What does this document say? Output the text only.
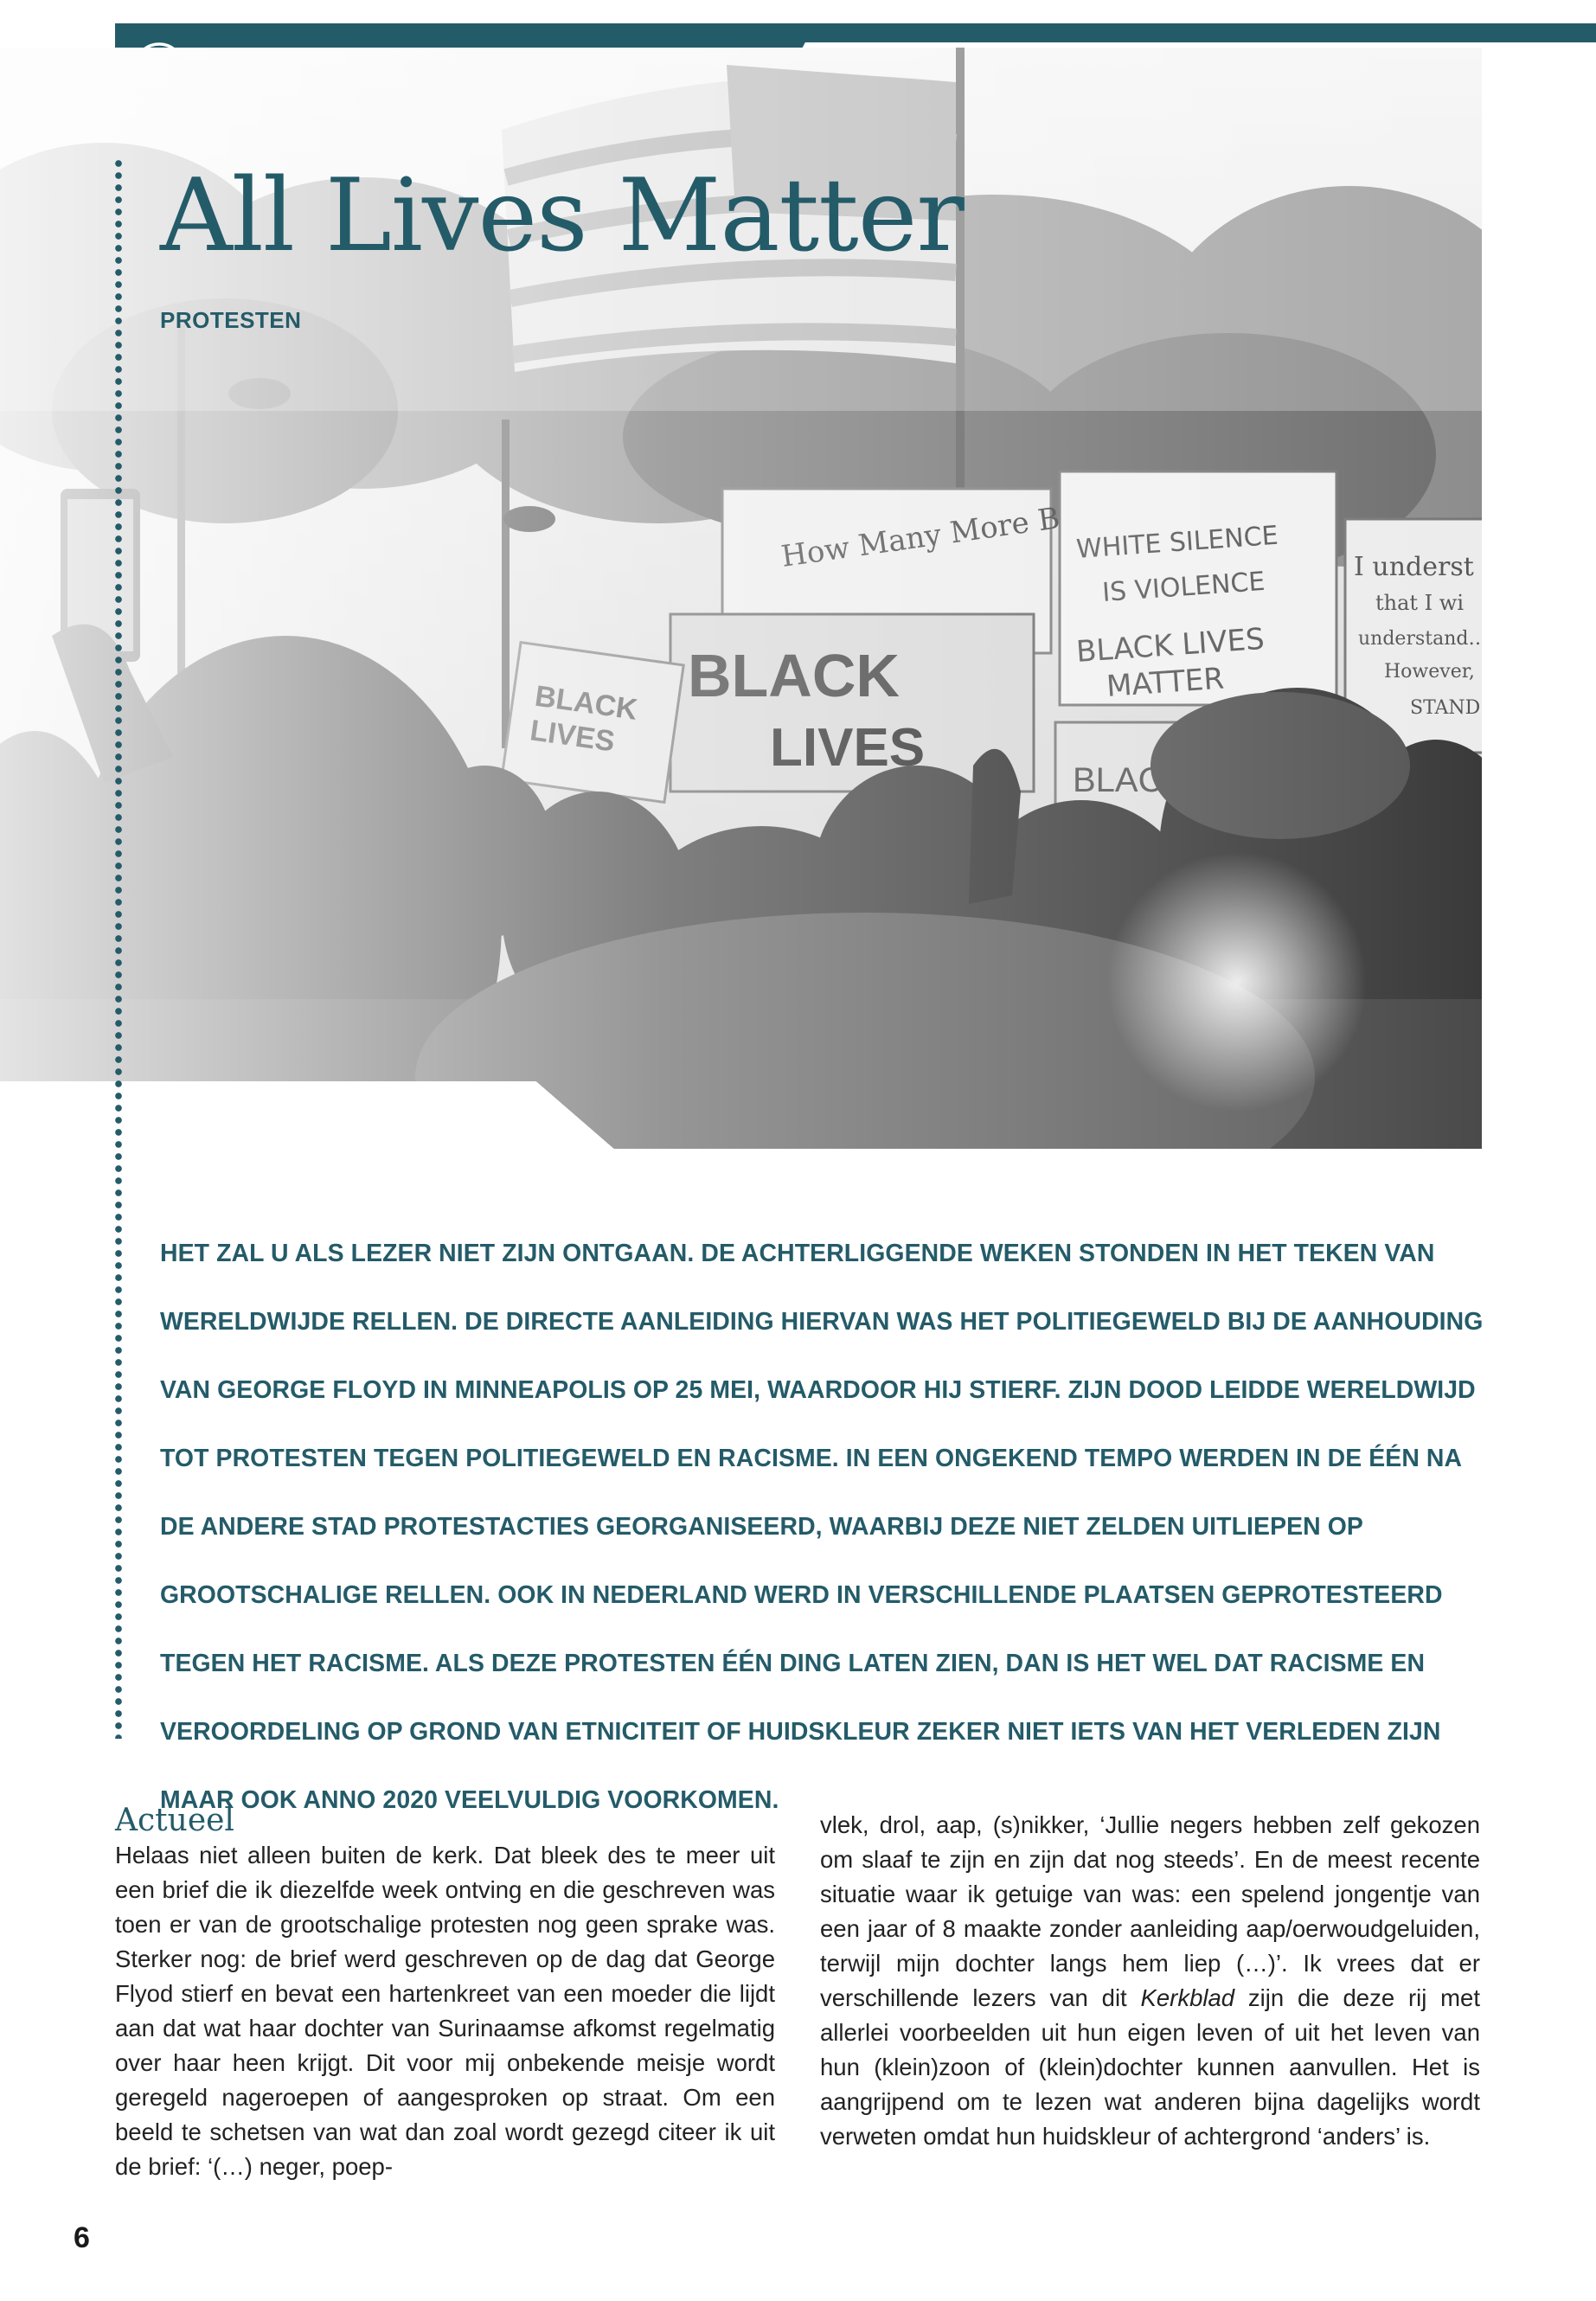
All Lives Matter
PROTESTEN

HET ZAL U ALS LEZER NIET ZIJN ONTGAAN. DE ACHTERLIGGENDE WEKEN STONDEN IN HET TEKEN VAN WERELDWIJDE RELLEN. DE DIRECTE AANLEIDING HIERVAN WAS HET POLITIEGEWELD BIJ DE AANHOUDING VAN GEORGE FLOYD IN MINNEAPOLIS OP 25 MEI, WAARDOOR HIJ STIERF. ZIJN DOOD LEIDDE WERELDWIJD TOT PROTESTEN TEGEN POLITIEGEWELD EN RACISME. IN EEN ONGEKEND TEMPO WERDEN IN DE ÉÉN NA DE ANDERE STAD PROTESTACTIES GEORGANISEERD, WAARBIJ DEZE NIET ZELDEN UITLIEPEN OP GROOTSCHALIGE RELLEN. OOK IN NEDERLAND WERD IN VERSCHILLENDE PLAATSEN GEPROTESTEERD TEGEN HET RACISME. ALS DEZE PROTESTEN ÉÉN DING LATEN ZIEN, DAN IS HET WEL DAT RACISME EN VEROORDELING OP GROND VAN ETNICITEIT OF HUIDSKLEUR ZEKER NIET IETS VAN HET VERLEDEN ZIJN MAAR OOK ANNO 2020 VEELVULDIG VOORKOMEN.

Actueel

Helaas niet alleen buiten de kerk. Dat bleek des te meer uit een brief die ik diezelfde week ontving en die geschreven was toen er van de grootschalige protesten nog geen sprake was. Sterker nog: de brief werd geschreven op de dag dat George Flyod stierf en bevat een hartenkreet van een moeder die lijdt aan dat wat haar dochter van Surinaamse afkomst regelmatig over haar heen krijgt. Dit voor mij onbekende meisje wordt geregeld nageroepen of aangesproken op straat. Om een beeld te schetsen van wat dan zoal wordt gezegd citeer ik uit de brief: ‘(…) neger, poep-

vlek, drol, aap, (s)nikker, ‘Jullie negers hebben zelf gekozen om slaaf te zijn en zijn dat nog steeds’. En de meest recente situatie waar ik getuige van was: een spelend jongentje van een jaar of 8 maakte zonder aanleiding aap/oerwoudgeluiden, terwijl mijn dochter langs hem liep (…)’. Ik vrees dat er verschillende lezers van dit Kerkblad zijn die deze rij met allerlei voorbeelden uit hun eigen leven of uit het leven van hun (klein)zoon of (klein)dochter kunnen aanvullen. Het is aangrijpend om te lezen wat anderen bijna dagelijks wordt verweten omdat hun huidskleur of achtergrond ‘anders’ is.

6
